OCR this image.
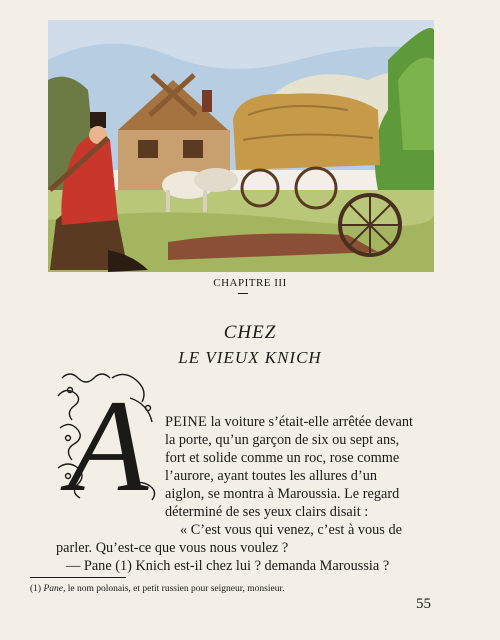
CHAPITRE III
CHEZ
LE VIEUX KNICH
A PEINE la voiture s’était-elle arrêtée devant
la porte, qu’un garçon de six ou sept ans,
fort et solide comme un roc, rose comme
l’aurore, ayant toutes les allures d’un
aiglon, se montra à Maroussia. Le regard
déterminé de ses yeux clairs disait :
« C’est vous qui venez, c’est à vous de
parler. Qu’est-ce que vous nous voulez ?
— Pane (1) Knich est-il chez lui ? demanda Maroussia ?
(1) Pane, le nom polonais, et petit russien pour seigneur, monsieur.
55
